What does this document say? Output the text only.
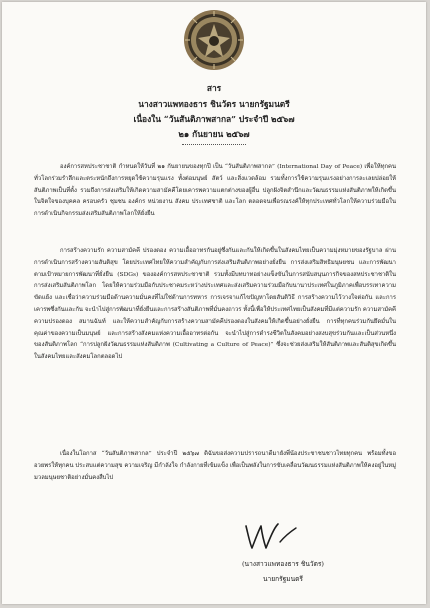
สาร
นางสาวแพทองธาร ชินวัตร นายกรัฐมนตรี
เนื่องใน “วันสันติภาพสากล” ประจำปี ๒๕๖๗
๒๑ กันยายน ๒๕๖๗

องค์การสหประชาชาติ กำหนดให้วันที่ ๒๑ กันยายนของทุกปี เป็น “วันสันติภาพสากล” (International Day of Peace) เพื่อให้ทุกคนทั่วโลกร่วมรำลึกและตระหนักถึงการหยุดใช้ความรุนแรง ทั้งต่อมนุษย์ สัตว์ และสิ่งแวดล้อม รวมทั้งการใช้ความรุนแรงอย่างการละเลยปล่อยให้สันติภาพเป็นที่ตั้ง รวมถึงการส่งเสริมให้เกิดความสามัคคีโดยเคารพความแตกต่างของผู้อื่น ปลูกฝังจิตสำนึกและวัฒนธรรมแห่งสันติภาพให้เกิดขึ้นในจิตใจของบุคคล ครอบครัว ชุมชน องค์กร หน่วยงาน สังคม ประเทศชาติ และโลก ตลอดจนเพื่อรณรงค์ให้ทุกประเทศทั่วโลกให้ความร่วมมือในการดำเนินกิจกรรมส่งเสริมสันติภาพโลกให้ยั่งยืน

การสร้างความรัก ความสามัคคี ปรองดอง ความเอื้ออาทรกันอยู่ซึ่งกันและกันให้เกิดขึ้นในสังคมไทยเป็นความมุ่งหมายของรัฐบาล ผ่านการดำเนินการสร้างความสันติสุข โดยประเทศไทยให้ความสำคัญกับการส่งเสริมสันติภาพอย่างยั่งยืน การส่งเสริมสิทธิมนุษยชน และการพัฒนาตามเป้าหมายการพัฒนาที่ยั่งยืน (SDGs) ขององค์การสหประชาชาติ รวมทั้งมีบทบาทอย่างแข็งขันในการสนับสนุนภารกิจของสหประชาชาติในการส่งเสริมสันติภาพโลก โดยให้ความร่วมมือกับประชาคมระหว่างประเทศและส่งเสริมความร่วมมือกับนานาประเทศในภูมิภาคเพื่อบรรเทาความขัดแย้ง และเชื่อว่าความร่วมมือด้านความมั่นคงที่ไม่ใช่ด้านการทหาร การเจรจาแก้ไขปัญหาโดยสันติวิธี การสร้างความไว้วางใจต่อกัน และการเคารพซึ่งกันและกัน จะนำไปสู่การพัฒนาที่ยั่งยืนและการสร้างสันติภาพที่มั่นคงถาวร ทั้งนี้เพื่อให้ประเทศไทยเป็นสังคมที่มีแต่ความรัก ความสามัคคี ความปรองดอง สมานฉันท์ และให้ความสำคัญกับการสร้างความสามัคคีปรองดองในสังคมให้เกิดขึ้นอย่างยั่งยืน การที่ทุกคนร่วมกันยึดมั่นในคุณค่าของความเป็นมนุษย์ และการสร้างสังคมแห่งความเอื้ออาทรต่อกัน จะนำไปสู่การดำรงชีวิตในสังคมอย่างสงบสุขร่วมกันและเป็นส่วนหนึ่งของสันติภาพโลก “การปลูกฝังวัฒนธรรมแห่งสันติภาพ (Cultivating a Culture of Peace)” ซึ่งจะช่วยส่งเสริมให้สันติภาพและสันติสุขเกิดขึ้นในสังคมไทยและสังคมโลกตลอดไป

เนื่องในโอกาส “วันสันติภาพสากล” ประจำปี ๒๕๖๗ ดิฉันขอส่งความปรารถนาดีมายังพี่น้องประชาชนชาวไทยทุกคน พร้อมทั้งขออวยพรให้ทุกคน ประสบแต่ความสุข ความเจริญ มีกำลังใจ กำลังกายที่เข้มแข็ง เพื่อเป็นพลังในการขับเคลื่อนวัฒนธรรมแห่งสันติภาพให้คงอยู่ในหมู่มวลมนุษยชาติอย่างมั่นคงสืบไป

(นางสาวแพทองธาร ชินวัตร)
นายกรัฐมนตรี
